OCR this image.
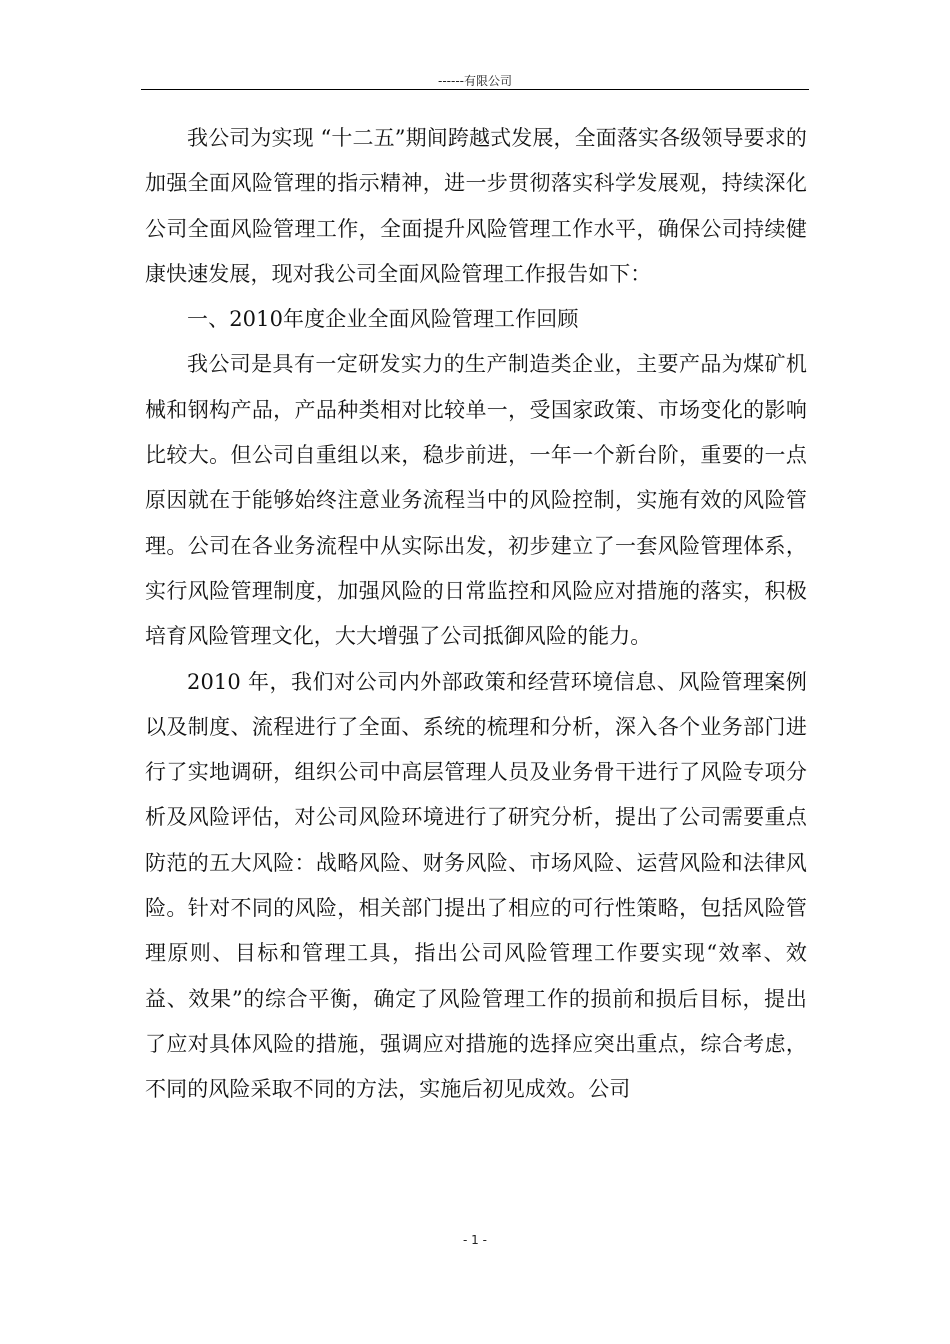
------有限公司

我公司为实现 “十二五”期间跨越式发展，全面落实各级领导要求的加强全面风险管理的指示精神，进一步贯彻落实科学发展观，持续深化公司全面风险管理工作，全面提升风险管理工作水平，确保公司持续健康快速发展，现对我公司全面风险管理工作报告如下：

一、2010年度企业全面风险管理工作回顾

我公司是具有一定研发实力的生产制造类企业，主要产品为煤矿机械和钢构产品，产品种类相对比较单一，受国家政策、市场变化的影响比较大。但公司自重组以来，稳步前进，一年一个新台阶，重要的一点原因就在于能够始终注意业务流程当中的风险控制，实施有效的风险管理。公司在各业务流程中从实际出发，初步建立了一套风险管理体系，实行风险管理制度，加强风险的日常监控和风险应对措施的落实，积极培育风险管理文化，大大增强了公司抵御风险的能力。

2010 年，我们对公司内外部政策和经营环境信息、风险管理案例以及制度、流程进行了全面、系统的梳理和分析，深入各个业务部门进行了实地调研，组织公司中高层管理人员及业务骨干进行了风险专项分析及风险评估，对公司风险环境进行了研究分析，提出了公司需要重点防范的五大风险：战略风险、财务风险、市场风险、运营风险和法律风险。针对不同的风险，相关部门提出了相应的可行性策略，包括风险管理原则、目标和管理工具，指出公司风险管理工作要实现“效率、效益、效果”的综合平衡，确定了风险管理工作的损前和损后目标，提出了应对具体风险的措施，强调应对措施的选择应突出重点，综合考虑，不同的风险采取不同的方法，实施后初见成效。公司

- 1 -
